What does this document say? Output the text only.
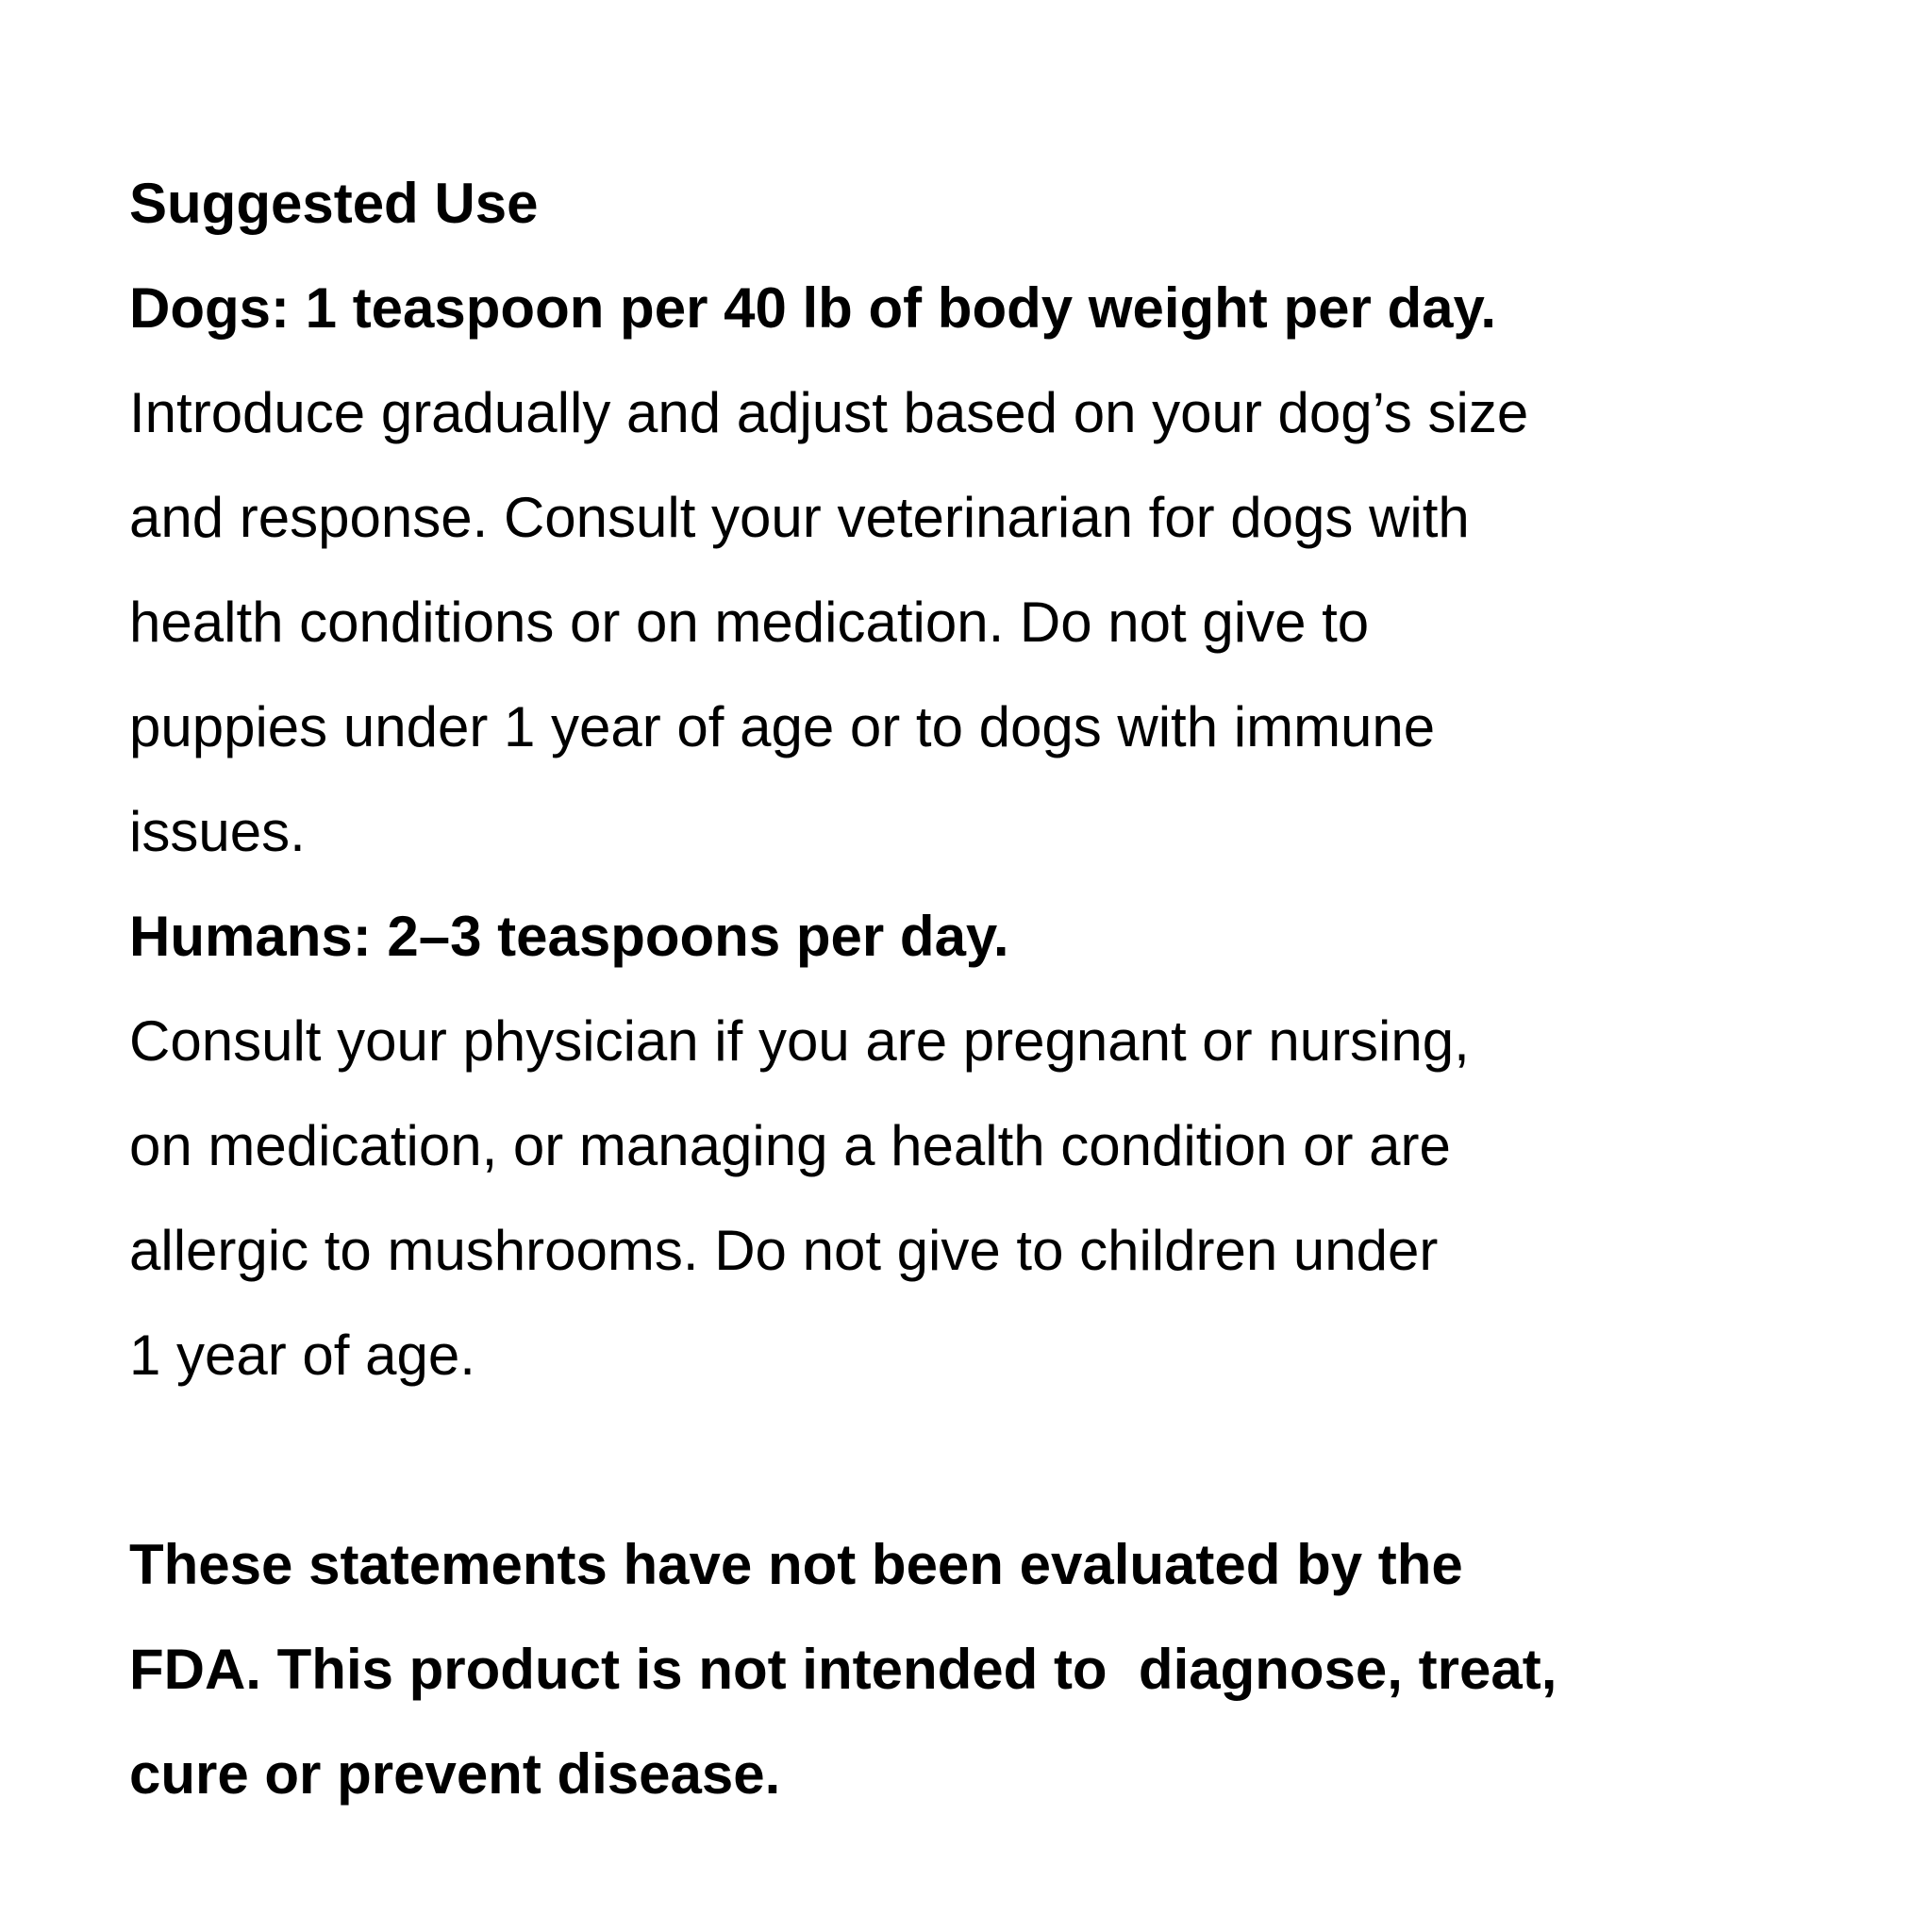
Suggested Use

Dogs: 1 teaspoon per 40 lb of body weight per day.

Introduce gradually and adjust based on your dog’s size

and response. Consult your veterinarian for dogs with

health conditions or on medication. Do not give to

puppies under 1 year of age or to dogs with immune

issues.

Humans: 2–3 teaspoons per day.

Consult your physician if you are pregnant or nursing,

on medication, or managing a health condition or are

allergic to mushrooms. Do not give to children under

1 year of age.

These statements have not been evaluated by the

FDA. This product is not intended to  diagnose, treat,

cure or prevent disease.
